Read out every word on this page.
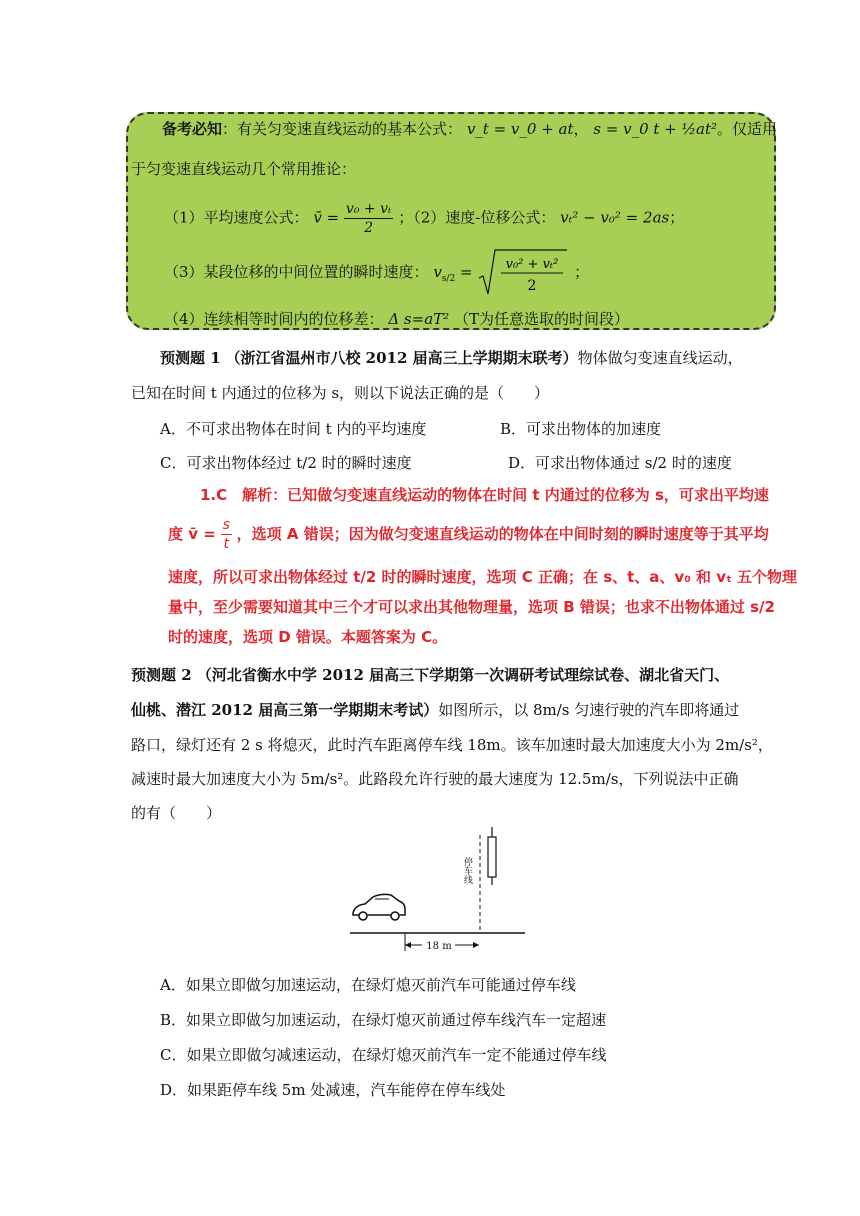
备考必知：有关匀变速直线运动的基本公式： v_t = v_0 + at， s = v_0 t + ½at²。仅适用
于匀变速直线运动几个常用推论：
（1）平均速度公式： v̄ = $\frac{\text{v₀ + vₜ}}{2}$ ；（2）速度-位移公式： vₜ² − v₀² = 2as；
（3）某段位移的中间位置的瞬时速度： $v_{s/2} = v_0^2 + v_t^2$
2
；
（4）连续相等时间内的位移差： Δ s=aT² （T为任意选取的时间段）
预测题 1 （浙江省温州市八校 2012 届高三上学期期末联考）物体做匀变速直线运动，
已知在时间 t 内通过的位移为 s，则以下说法正确的是（　　）
A．不可求出物体在时间 t 内的平均速度	B．可求出物体的加速度
C．可求出物体经过 t/2 时的瞬时速度	D．可求出物体通过 s/2 时的速度
1.C　解析：已知做匀变速直线运动的物体在时间 t 内通过的位移为 s，可求出平均速
度 v̄ = $\frac{s}{t}$ ，选项 A 错误；因为做匀变速直线运动的物体在中间时刻的瞬时速度等于其平均
速度，所以可求出物体经过 t/2 时的瞬时速度，选项 C 正确；在 s、t、a、v₀ 和 vₜ 五个物理
量中，至少需要知道其中三个才可以求出其他物理量，选项 B 错误；也求不出物体通过 s/2
时的速度，选项 D 错误。本题答案为 C。
预测题 2 （河北省衡水中学 2012 届高三下学期第一次调研考试理综试卷、湖北省天门、
仙桃、潜江 2012 届高三第一学期期末考试）如图所示，以 8m/s 匀速行驶的汽车即将通过
路口，绿灯还有 2 s 将熄灭，此时汽车距离停车线 18m。该车加速时最大加速度大小为 2m/s²，
减速时最大加速度大小为 5m/s²。此路段允许行驶的最大速度为 12.5m/s，下列说法中正确
的有（　　）
停车线
18 m
A．如果立即做匀加速运动，在绿灯熄灭前汽车可能通过停车线
B．如果立即做匀加速运动，在绿灯熄灭前通过停车线汽车一定超速
C．如果立即做匀减速运动，在绿灯熄灭前汽车一定不能通过停车线
D．如果距停车线 5m 处减速，汽车能停在停车线处
